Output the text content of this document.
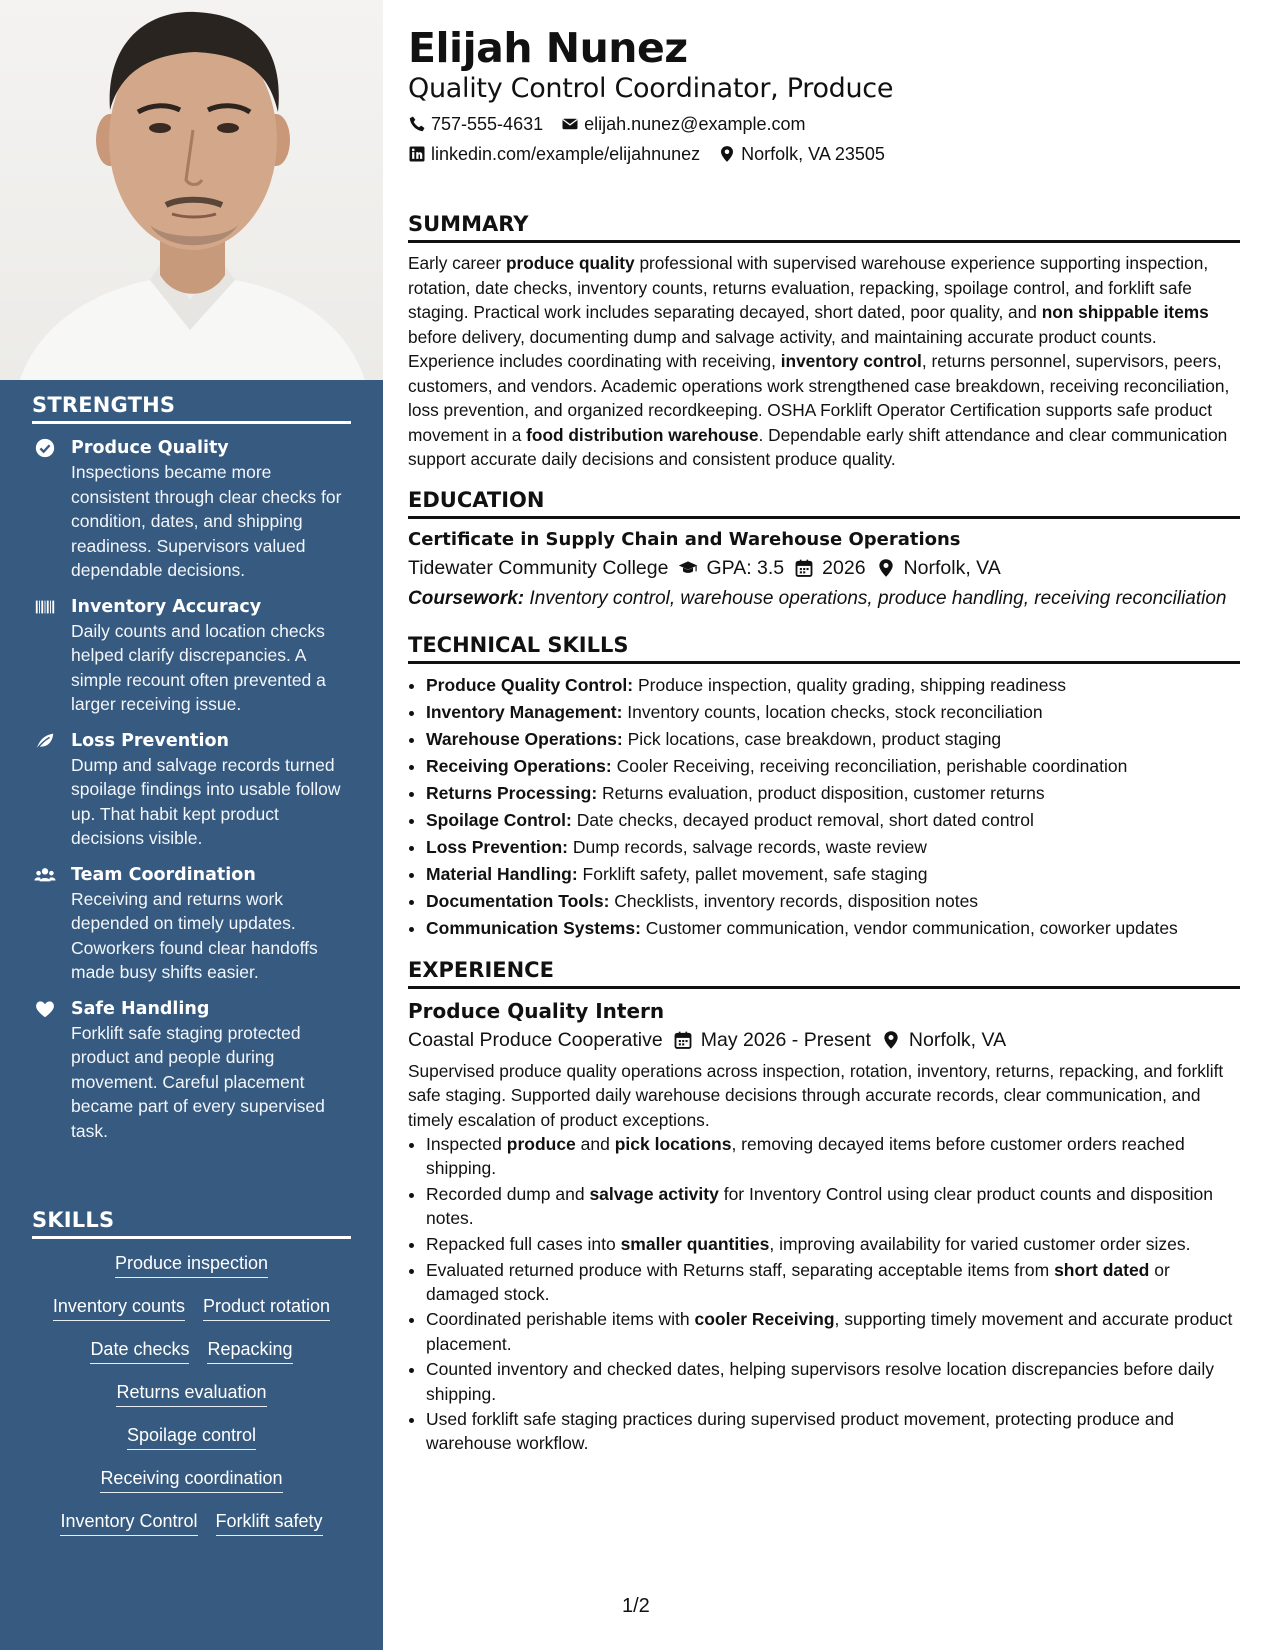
STRENGTHS
Produce Quality
Inspections became more consistent through clear checks for condition, dates, and shipping readiness. Supervisors valued dependable decisions.
Inventory Accuracy
Daily counts and location checks helped clarify discrepancies. A simple recount often prevented a larger receiving issue.
Loss Prevention
Dump and salvage records turned spoilage findings into usable follow up. That habit kept product decisions visible.
Team Coordination
Receiving and returns work depended on timely updates. Coworkers found clear handoffs made busy shifts easier.
Safe Handling
Forklift safe staging protected product and people during movement. Careful placement became part of every supervised task.
SKILLS
Produce inspection
Inventory counts Product rotation
Date checks Repacking
Returns evaluation
Spoilage control
Receiving coordination
Inventory Control Forklift safety
Elijah Nunez
Quality Control Coordinator, Produce
757-555-4631 elijah.nunez@example.com
linkedin.com/example/elijahnunez Norfolk, VA 23505
SUMMARY
Early career produce quality professional with supervised warehouse experience supporting inspection, rotation, date checks, inventory counts, returns evaluation, repacking, spoilage control, and forklift safe staging. Practical work includes separating decayed, short dated, poor quality, and non shippable items before delivery, documenting dump and salvage activity, and maintaining accurate product counts. Experience includes coordinating with receiving, inventory control, returns personnel, supervisors, peers, customers, and vendors. Academic operations work strengthened case breakdown, receiving reconciliation, loss prevention, and organized recordkeeping. OSHA Forklift Operator Certification supports safe product movement in a food distribution warehouse. Dependable early shift attendance and clear communication support accurate daily decisions and consistent produce quality.
EDUCATION
Certificate in Supply Chain and Warehouse Operations
Tidewater Community College GPA: 3.5 2026 Norfolk, VA
Coursework: Inventory control, warehouse operations, produce handling, receiving reconciliation
TECHNICAL SKILLS
• Produce Quality Control: Produce inspection, quality grading, shipping readiness
• Inventory Management: Inventory counts, location checks, stock reconciliation
• Warehouse Operations: Pick locations, case breakdown, product staging
• Receiving Operations: Cooler Receiving, receiving reconciliation, perishable coordination
• Returns Processing: Returns evaluation, product disposition, customer returns
• Spoilage Control: Date checks, decayed product removal, short dated control
• Loss Prevention: Dump records, salvage records, waste review
• Material Handling: Forklift safety, pallet movement, safe staging
• Documentation Tools: Checklists, inventory records, disposition notes
• Communication Systems: Customer communication, vendor communication, coworker updates
EXPERIENCE
Produce Quality Intern
Coastal Produce Cooperative May 2026 - Present Norfolk, VA
Supervised produce quality operations across inspection, rotation, inventory, returns, repacking, and forklift safe staging. Supported daily warehouse decisions through accurate records, clear communication, and timely escalation of product exceptions.
• Inspected produce and pick locations, removing decayed items before customer orders reached shipping.
• Recorded dump and salvage activity for Inventory Control using clear product counts and disposition notes.
• Repacked full cases into smaller quantities, improving availability for varied customer order sizes.
• Evaluated returned produce with Returns staff, separating acceptable items from short dated or damaged stock.
• Coordinated perishable items with cooler Receiving, supporting timely movement and accurate product placement.
• Counted inventory and checked dates, helping supervisors resolve location discrepancies before daily shipping.
• Used forklift safe staging practices during supervised product movement, protecting produce and warehouse workflow.
1/2
